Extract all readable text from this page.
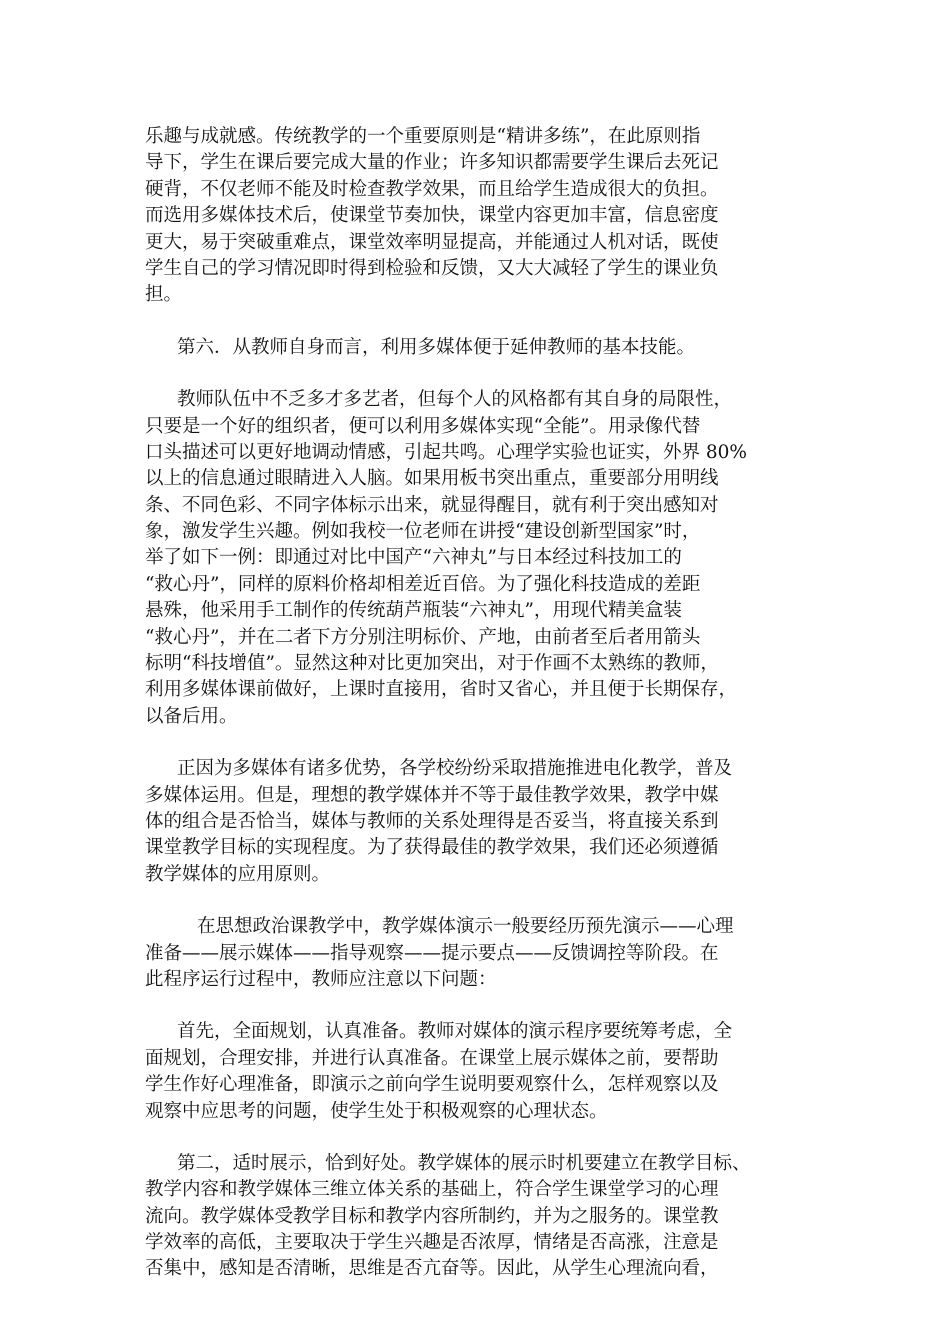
乐趣与成就感。传统教学的一个重要原则是“精讲多练”，在此原则指
导下，学生在课后要完成大量的作业；许多知识都需要学生课后去死记
硬背，不仅老师不能及时检查教学效果，而且给学生造成很大的负担。
而选用多媒体技术后，使课堂节奏加快，课堂内容更加丰富，信息密度
更大，易于突破重难点，课堂效率明显提高，并能通过人机对话，既使
学生自己的学习情况即时得到检验和反馈，又大大减轻了学生的课业负
担。
第六．从教师自身而言，利用多媒体便于延伸教师的基本技能。
教师队伍中不乏多才多艺者，但每个人的风格都有其自身的局限性，
只要是一个好的组织者，便可以利用多媒体实现“全能”。用录像代替
口头描述可以更好地调动情感，引起共鸣。心理学实验也证实，外界 80%
以上的信息通过眼睛进入人脑。如果用板书突出重点，重要部分用明线
条、不同色彩、不同字体标示出来，就显得醒目，就有利于突出感知对
象，激发学生兴趣。例如我校一位老师在讲授“建设创新型国家”时，
举了如下一例：即通过对比中国产“六神丸”与日本经过科技加工的
“救心丹”，同样的原料价格却相差近百倍。为了强化科技造成的差距
悬殊，他采用手工制作的传统葫芦瓶装“六神丸”，用现代精美盒装
“救心丹”，并在二者下方分别注明标价、产地，由前者至后者用箭头
标明“科技增值”。显然这种对比更加突出，对于作画不太熟练的教师，
利用多媒体课前做好，上课时直接用，省时又省心，并且便于长期保存，
以备后用。
正因为多媒体有诸多优势，各学校纷纷采取措施推进电化教学，普及
多媒体运用。但是，理想的教学媒体并不等于最佳教学效果，教学中媒
体的组合是否恰当，媒体与教师的关系处理得是否妥当，将直接关系到
课堂教学目标的实现程度。为了获得最佳的教学效果，我们还必须遵循
教学媒体的应用原则。
在思想政治课教学中，教学媒体演示一般要经历预先演示——心理
准备——展示媒体——指导观察——提示要点——反馈调控等阶段。在
此程序运行过程中，教师应注意以下问题：
首先，全面规划，认真准备。教师对媒体的演示程序要统筹考虑，全
面规划，合理安排，并进行认真准备。在课堂上展示媒体之前，要帮助
学生作好心理准备，即演示之前向学生说明要观察什么，怎样观察以及
观察中应思考的问题，使学生处于积极观察的心理状态。
第二，适时展示，恰到好处。教学媒体的展示时机要建立在教学目标、
教学内容和教学媒体三维立体关系的基础上，符合学生课堂学习的心理
流向。教学媒体受教学目标和教学内容所制约，并为之服务的。课堂教
学效率的高低，主要取决于学生兴趣是否浓厚，情绪是否高涨，注意是
否集中，感知是否清晰，思维是否亢奋等。因此，从学生心理流向看，
